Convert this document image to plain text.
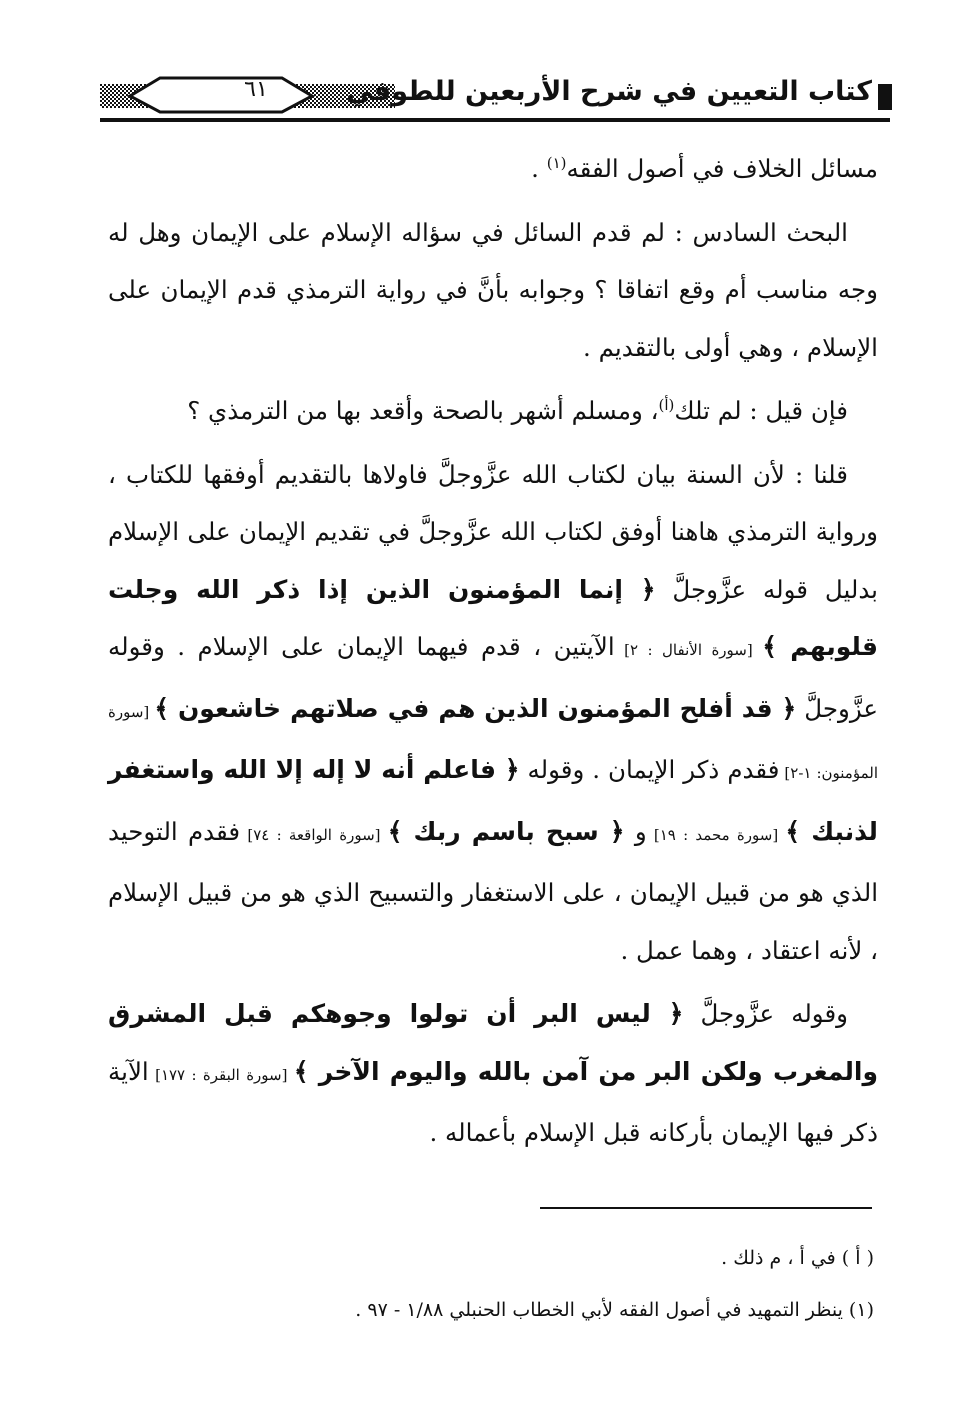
٦١	كتاب التعيين في شرح الأربعين للطوفي

مسائل الخلاف في أصول الفقه$^{(١)}$ .

البحث السادس : لم قدم السائل في سؤاله الإسلام على الإيمان وهل له وجه مناسب أم وقع اتفاقا ؟ وجوابه بأنَّ في رواية الترمذي قدم الإيمان على الإسلام ، وهي أولى بالتقديم .

فإن قيل : لم تلك$^{(أ)}$، ومسلم أشهر بالصحة وأقعد بها من الترمذي ؟

قلنا : لأن السنة بيان لكتاب الله عزَّوجلَّ فاولاها بالتقديم أوفقها للكتاب ، ورواية الترمذي هاهنا أوفق لكتاب الله عزَّوجلَّ في تقديم الإيمان على الإسلام بدليل قوله عزَّوجلَّ ﴿ إنما المؤمنون الذين إذا ذكر الله وجلت قلوبهم ﴾ [سورة الأنفال : ٢] الآيتين ، قدم فيهما الإيمان على الإسلام . وقوله عزَّوجلَّ ﴿ قد أفلح المؤمنون الذين هم في صلاتهم خاشعون ﴾ [سورة المؤمنون: ١-٢] فقدم ذكر الإيمان . وقوله ﴿ فاعلم أنه لا إله إلا الله واستغفر لذنبك ﴾ [سورة محمد : ١٩] و ﴿ سبح باسم ربك ﴾ [سورة الواقعة : ٧٤] فقدم التوحيد الذي هو من قبيل الإيمان ، على الاستغفار والتسبيح الذي هو من قبيل الإسلام ، لأنه اعتقاد ، وهما عمل .

وقوله عزَّوجلَّ ﴿ ليس البر أن تولوا وجوهكم قبل المشرق والمغرب ولكن البر من آمن بالله واليوم الآخر ﴾ [سورة البقرة : ١٧٧] الآية ذكر فيها الإيمان بأركانه قبل الإسلام بأعماله .

( أ ) في أ ، م ذلك .

(١) ينظر التمهيد في أصول الفقه لأبي الخطاب الحنبلي ١/٨٨ - ٩٧ .
